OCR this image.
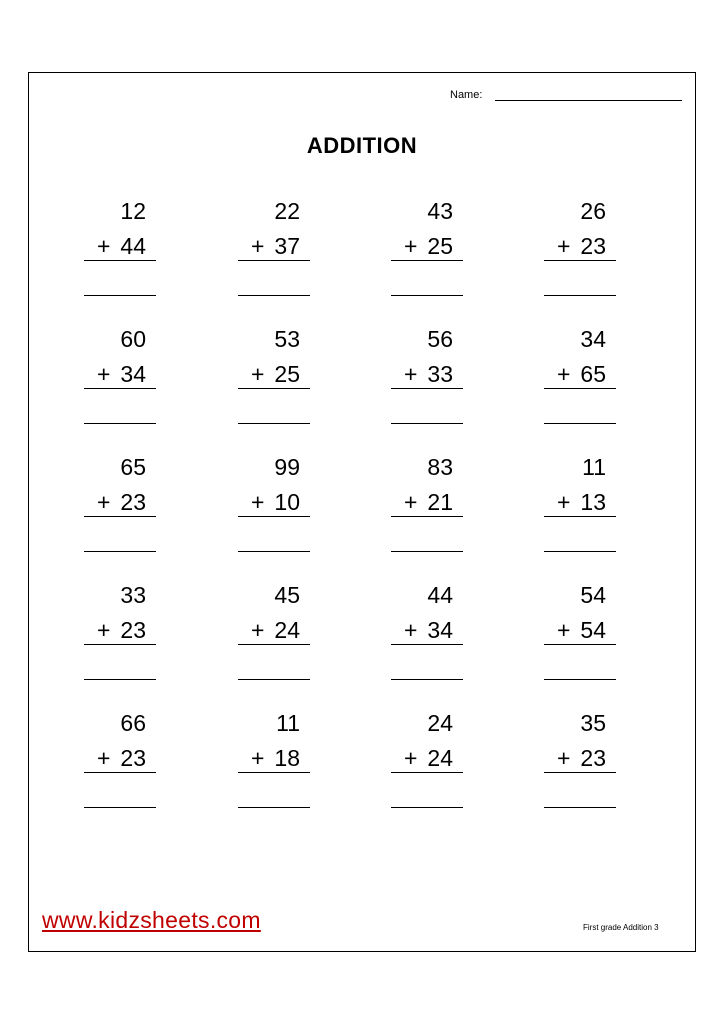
Name:
ADDITION
12
+ 44
22
+ 37
43
+ 25
26
+ 23
60
+ 34
53
+ 25
56
+ 33
34
+ 65
65
+ 23
99
+ 10
83
+ 21
11
+ 13
33
+ 23
45
+ 24
44
+ 34
54
+ 54
66
+ 23
11
+ 18
24
+ 24
35
+ 23
www.kidzsheets.com	First grade Addition 3
